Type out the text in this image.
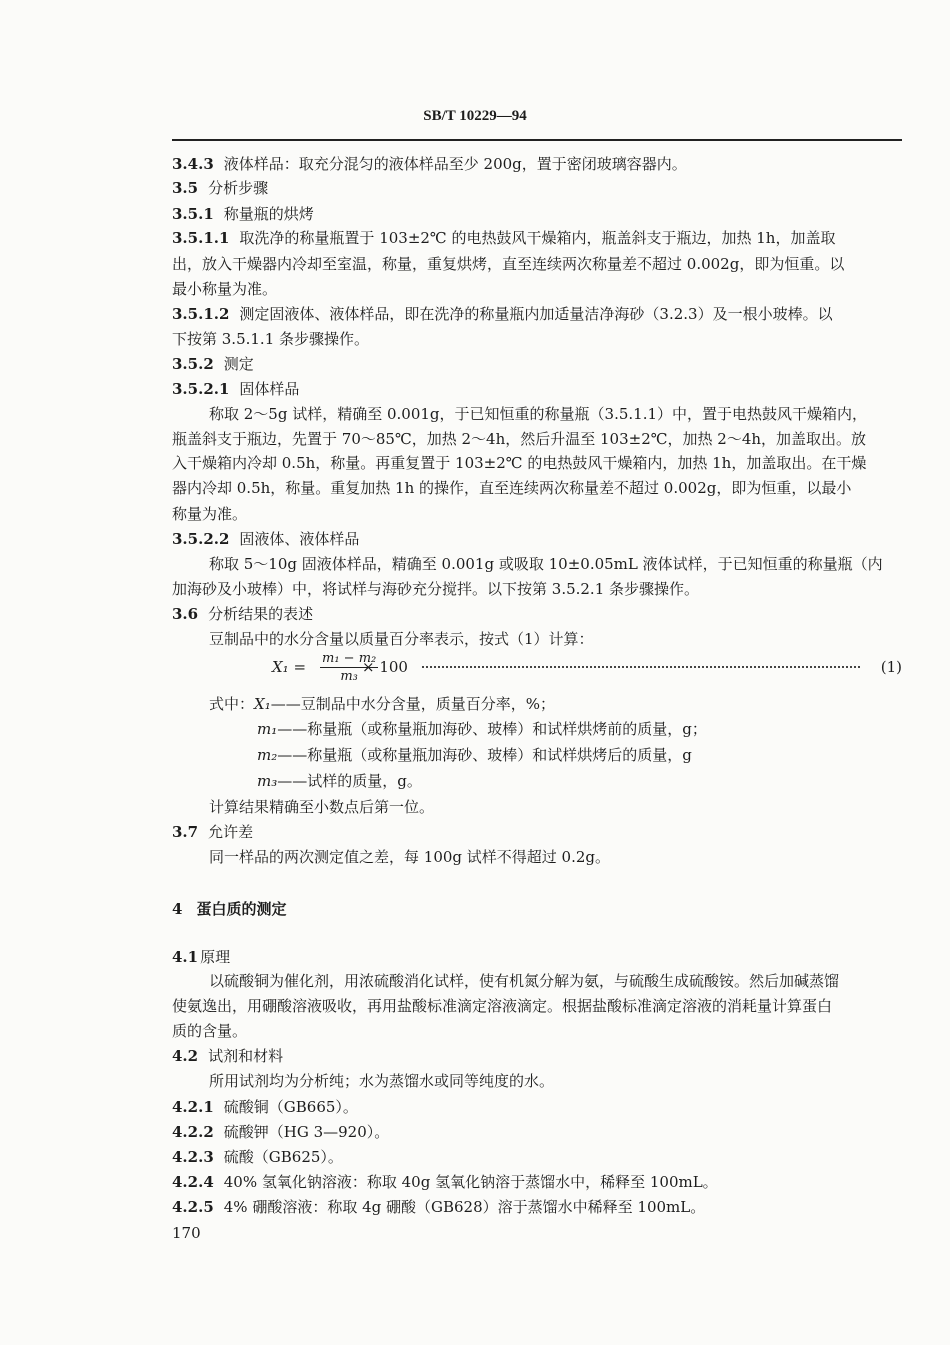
SB/T 10229—94
3.4.3 液体样品：取充分混匀的液体样品至少 200g，置于密闭玻璃容器内。
3.5 分析步骤
3.5.1 称量瓶的烘烤
3.5.1.1 取洗净的称量瓶置于 103±2℃ 的电热鼓风干燥箱内，瓶盖斜支于瓶边，加热 1h，加盖取
出，放入干燥器内冷却至室温，称量，重复烘烤，直至连续两次称量差不超过 0.002g，即为恒重。以
最小称量为准。
3.5.1.2 测定固液体、液体样品，即在洗净的称量瓶内加适量洁净海砂（3.2.3）及一根小玻棒。以
下按第 3.5.1.1 条步骤操作。
3.5.2 测定
3.5.2.1 固体样品
称取 2～5g 试样，精确至 0.001g，于已知恒重的称量瓶（3.5.1.1）中，置于电热鼓风干燥箱内，
瓶盖斜支于瓶边，先置于 70～85℃，加热 2～4h，然后升温至 103±2℃，加热 2～4h，加盖取出。放
入干燥箱内冷却 0.5h，称量。再重复置于 103±2℃ 的电热鼓风干燥箱内，加热 1h，加盖取出。在干燥
器内冷却 0.5h，称量。重复加热 1h 的操作，直至连续两次称量差不超过 0.002g，即为恒重，以最小
称量为准。
3.5.2.2 固液体、液体样品
称取 5～10g 固液体样品，精确至 0.001g 或吸取 10±0.05mL 液体试样，于已知恒重的称量瓶（内
加海砂及小玻棒）中，将试样与海砂充分搅拌。以下按第 3.5.2.1 条步骤操作。
3.6 分析结果的表述
豆制品中的水分含量以质量百分率表示，按式（1）计算：
$X_1 = \frac{\text{m₁ − m₂}}{\text{m₃}}$
× 100	(1)
式中：X₁——豆制品中水分含量，质量百分率，%；
m₁——称量瓶（或称量瓶加海砂、玻棒）和试样烘烤前的质量，g；
m₂——称量瓶（或称量瓶加海砂、玻棒）和试样烘烤后的质量，g
m₃——试样的质量，g。
计算结果精确至小数点后第一位。
3.7 允许差
同一样品的两次测定值之差，每 100g 试样不得超过 0.2g。
4 蛋白质的测定
4.1 原理
以硫酸铜为催化剂，用浓硫酸消化试样，使有机氮分解为氨，与硫酸生成硫酸铵。然后加碱蒸馏
使氨逸出，用硼酸溶液吸收，再用盐酸标准滴定溶液滴定。根据盐酸标准滴定溶液的消耗量计算蛋白
质的含量。
4.2 试剂和材料
所用试剂均为分析纯；水为蒸馏水或同等纯度的水。
4.2.1 硫酸铜（GB665）。
4.2.2 硫酸钾（HG 3—920）。
4.2.3 硫酸（GB625）。
4.2.4 40% 氢氧化钠溶液：称取 40g 氢氧化钠溶于蒸馏水中，稀释至 100mL。
4.2.5 4% 硼酸溶液：称取 4g 硼酸（GB628）溶于蒸馏水中稀释至 100mL。
170
